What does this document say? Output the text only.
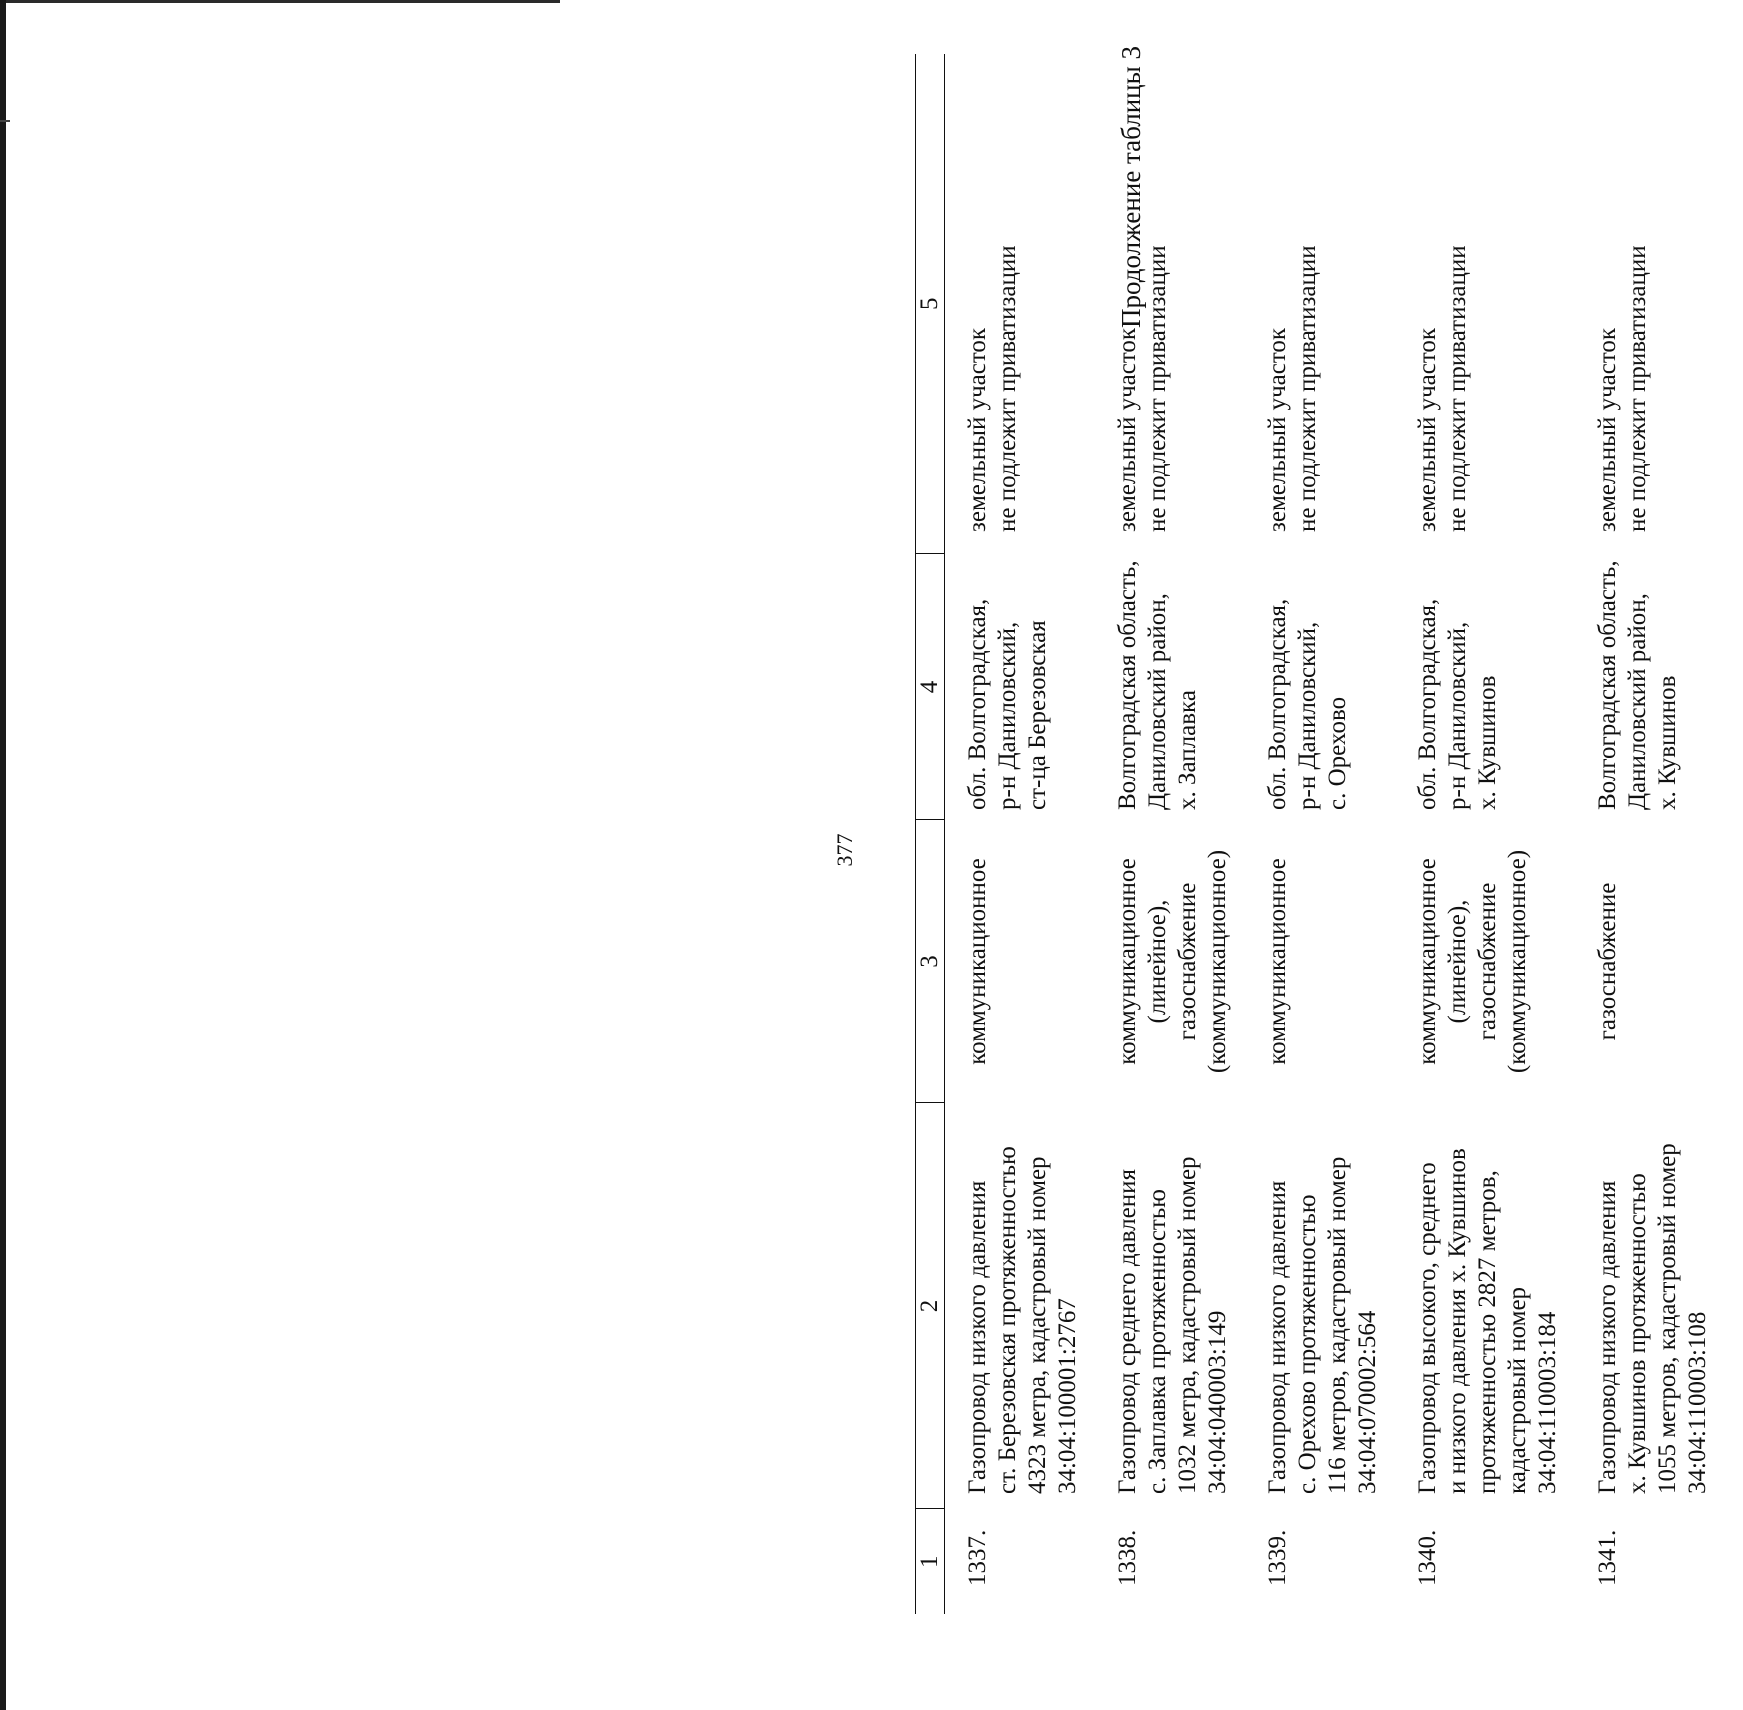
377
Продолжение таблицы 3
1	2	3	4	5

1337.	Газопровод низкого давления ст. Березовская протяженностью 4323 метра, кадастровый номер 34:04:100001:2767	коммуникационное	обл. Волгоградская, р-н Даниловский, ст-ца Березовская	земельный участок не подлежит приватизации

1338.	Газопровод среднего давления с. Заплавка протяженностью 1032 метра, кадастровый номер 34:04:040003:149	коммуникационное (линейное), газоснабжение (коммуникационное)	Волгоградская область, Даниловский район, х. Заплавка	земельный участок не подлежит приватизации

1339.	Газопровод низкого давления с. Орехово протяженностью 116 метров, кадастровый номер 34:04:070002:564	коммуникационное	обл. Волгоградская, р-н Даниловский, с. Орехово	земельный участок не подлежит приватизации

1340.	Газопровод высокого, среднего и низкого давления х. Кувшинов протяженностью 2827 метров, кадастровый номер 34:04:110003:184	коммуникационное (линейное), газоснабжение (коммуникационное)	обл. Волгоградская, р-н Даниловский, х. Кувшинов	земельный участок не подлежит приватизации

1341.	Газопровод низкого давления х. Кувшинов протяженностью 1055 метров, кадастровый номер 34:04:110003:108	газоснабжение	Волгоградская область, Даниловский район, х. Кувшинов	земельный участок не подлежит приватизации
